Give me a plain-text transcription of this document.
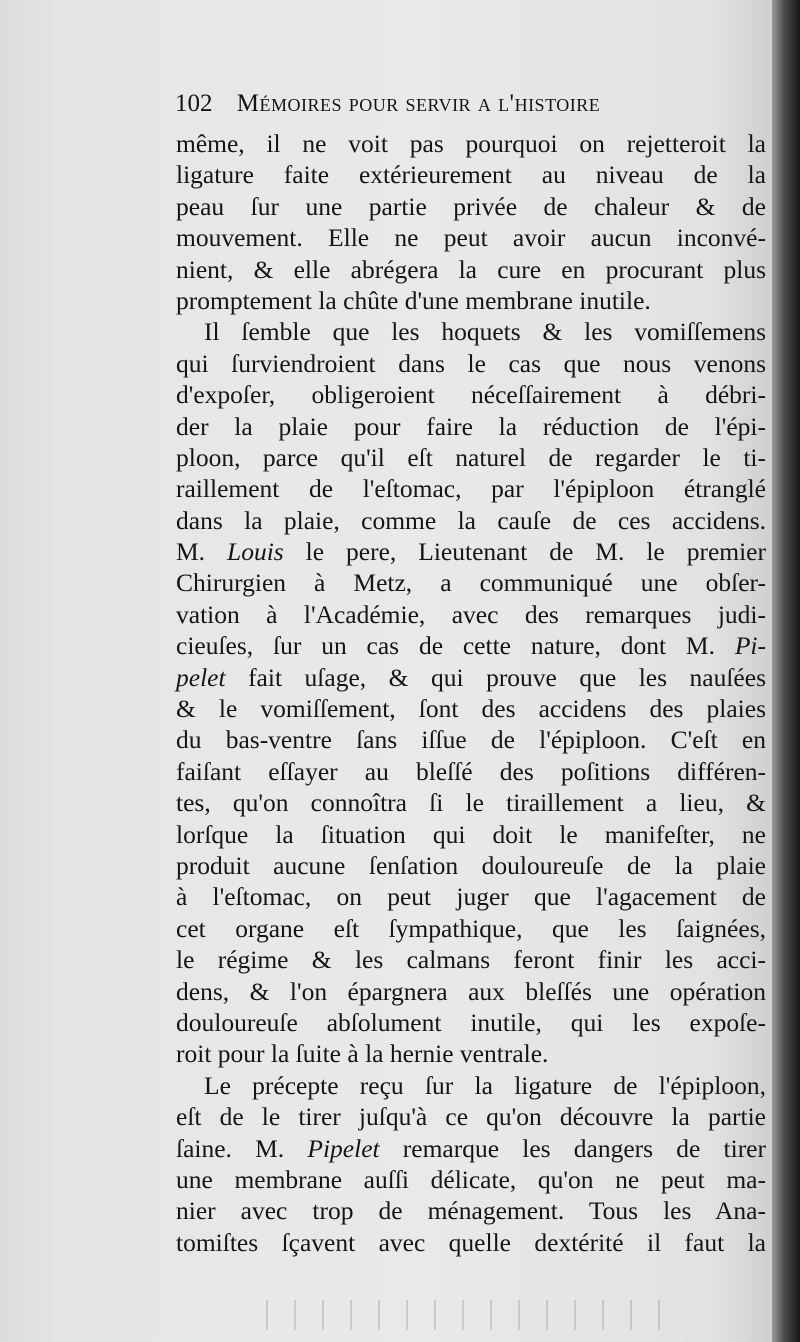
102 Mémoires pour servir a l'histoire
même, il ne voit pas pourquoi on rejetteroit la
ligature faite extérieurement au niveau de la
peau ſur une partie privée de chaleur & de
mouvement. Elle ne peut avoir aucun inconvé-
nient, & elle abrégera la cure en procurant plus
promptement la chûte d'une membrane inutile.
Il ſemble que les hoquets & les vomiſſemens
qui ſurviendroient dans le cas que nous venons
d'expoſer, obligeroient néceſſairement à débri-
der la plaie pour faire la réduction de l'épi-
ploon, parce qu'il eſt naturel de regarder le ti-
raillement de l'eſtomac, par l'épiploon étranglé
dans la plaie, comme la cauſe de ces accidens.
M. Louis le pere, Lieutenant de M. le premier
Chirurgien à Metz, a communiqué une obſer-
vation à l'Académie, avec des remarques judi-
cieuſes, ſur un cas de cette nature, dont M. Pi-
pelet fait uſage, & qui prouve que les nauſées
& le vomiſſement, ſont des accidens des plaies
du bas-ventre ſans iſſue de l'épiploon. C'eſt en
faiſant eſſayer au bleſſé des poſitions différen-
tes, qu'on connoîtra ſi le tiraillement a lieu, &
lorſque la ſituation qui doit le manifeſter, ne
produit aucune ſenſation douloureuſe de la plaie
à l'eſtomac, on peut juger que l'agacement de
cet organe eſt ſympathique, que les ſaignées,
le régime & les calmans feront finir les acci-
dens, & l'on épargnera aux bleſſés une opération
douloureuſe abſolument inutile, qui les expoſe-
roit pour la ſuite à la hernie ventrale.
Le précepte reçu ſur la ligature de l'épiploon,
eſt de le tirer juſqu'à ce qu'on découvre la partie
ſaine. M. Pipelet remarque les dangers de tirer
une membrane auſſi délicate, qu'on ne peut ma-
nier avec trop de ménagement. Tous les Ana-
tomiſtes ſçavent avec quelle dextérité il faut la
